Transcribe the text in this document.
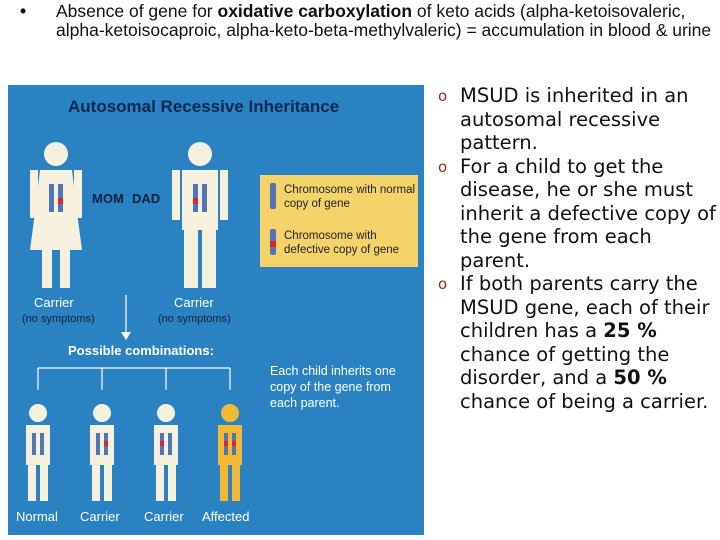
• Absence of gene for oxidative carboxylation of keto acids (alpha-ketoisovaleric, alpha-ketoisocaproic, alpha-keto-beta-methylvaleric) = accumulation in blood & urine
Autosomal Recessive Inheritance
MOM DAD
Chromosome with normal copy of gene
Chromosome with defective copy of gene
Carrier
(no symptoms)
Carrier
(no symptoms)
Possible combinations:
Each child inherits one copy of the gene from each parent.
Normal Carrier Carrier Affected

o MSUD is inherited in an autosomal recessive pattern.

o For a child to get the disease, he or she must inherit a defective copy of the gene from each parent.

o If both parents carry the MSUD gene, each of their children has a 25 % chance of getting the disorder, and a 50 % chance of being a carrier.
